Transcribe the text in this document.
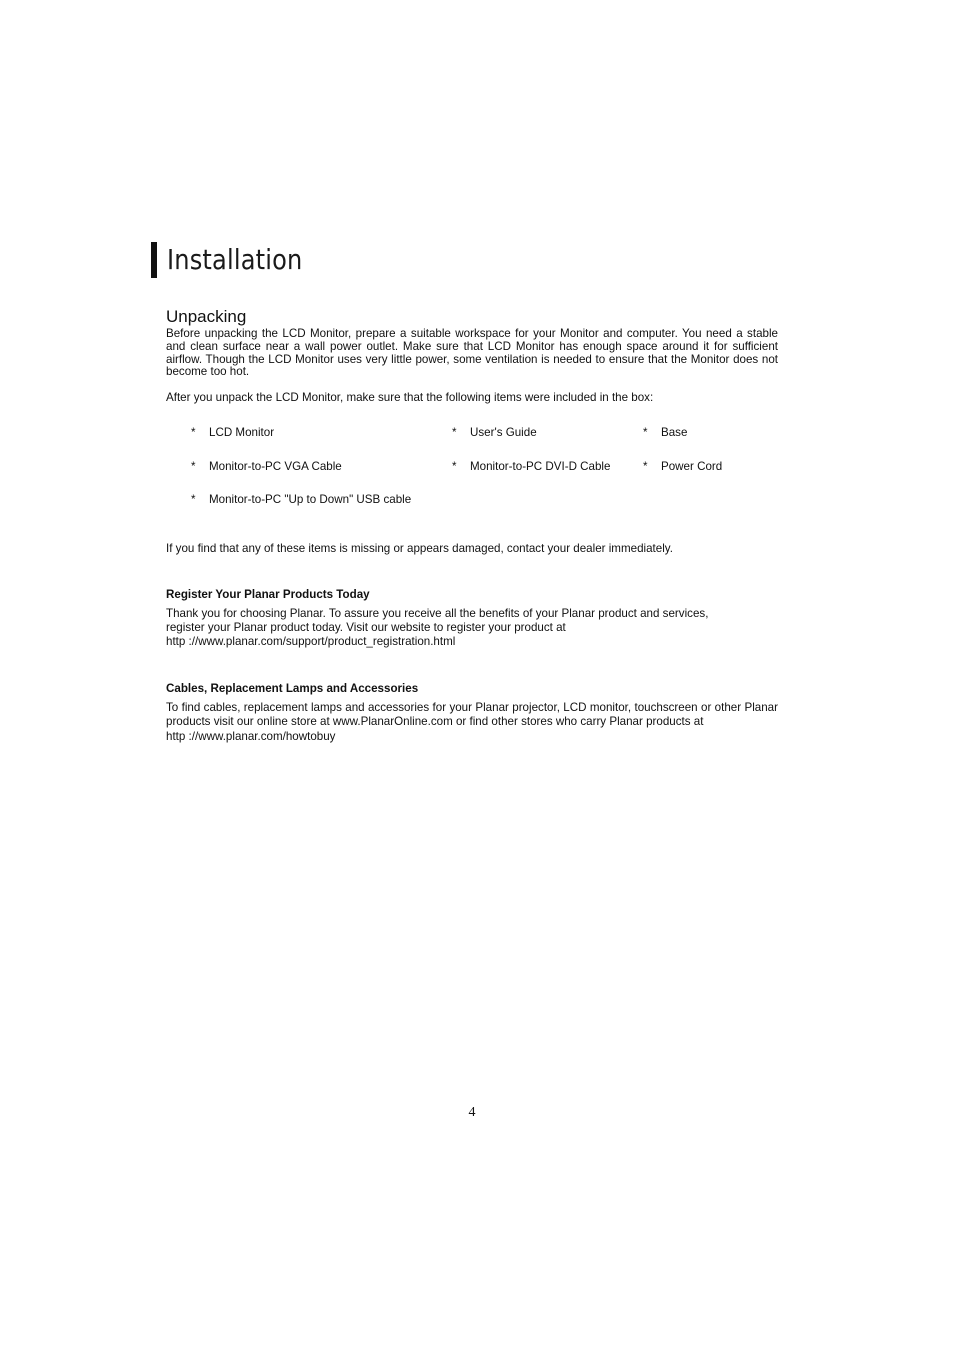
Installation
Unpacking

Before unpacking the LCD Monitor, prepare a suitable workspace for your Monitor and computer. You need a stable and clean surface near a wall power outlet. Make sure that LCD Monitor has enough space around it for sufficient airflow. Though the LCD Monitor uses very little power, some ventilation is needed to ensure that the Monitor does not become too hot.

After you unpack the LCD Monitor, make sure that the following items were included in the box:

*	LCD Monitor	*	User's Guide	*	Base
*	Monitor-to-PC VGA Cable	*	Monitor-to-PC DVI-D Cable	*	Power Cord
*	Monitor-to-PC "Up to Down" USB cable

If you find that any of these items is missing or appears damaged, contact your dealer immediately.

Register Your Planar Products Today

Thank you for choosing Planar. To assure you receive all the benefits of your Planar product and services,

register your Planar product today. Visit our website to register your product at

http ://www.planar.com/support/product_registration.html

Cables, Replacement Lamps and Accessories

To find cables, replacement lamps and accessories for your Planar projector, LCD monitor, touchscreen or other Planar products visit our online store at www.PlanarOnline.com or find other stores who carry Planar products at

http ://www.planar.com/howtobuy

4
